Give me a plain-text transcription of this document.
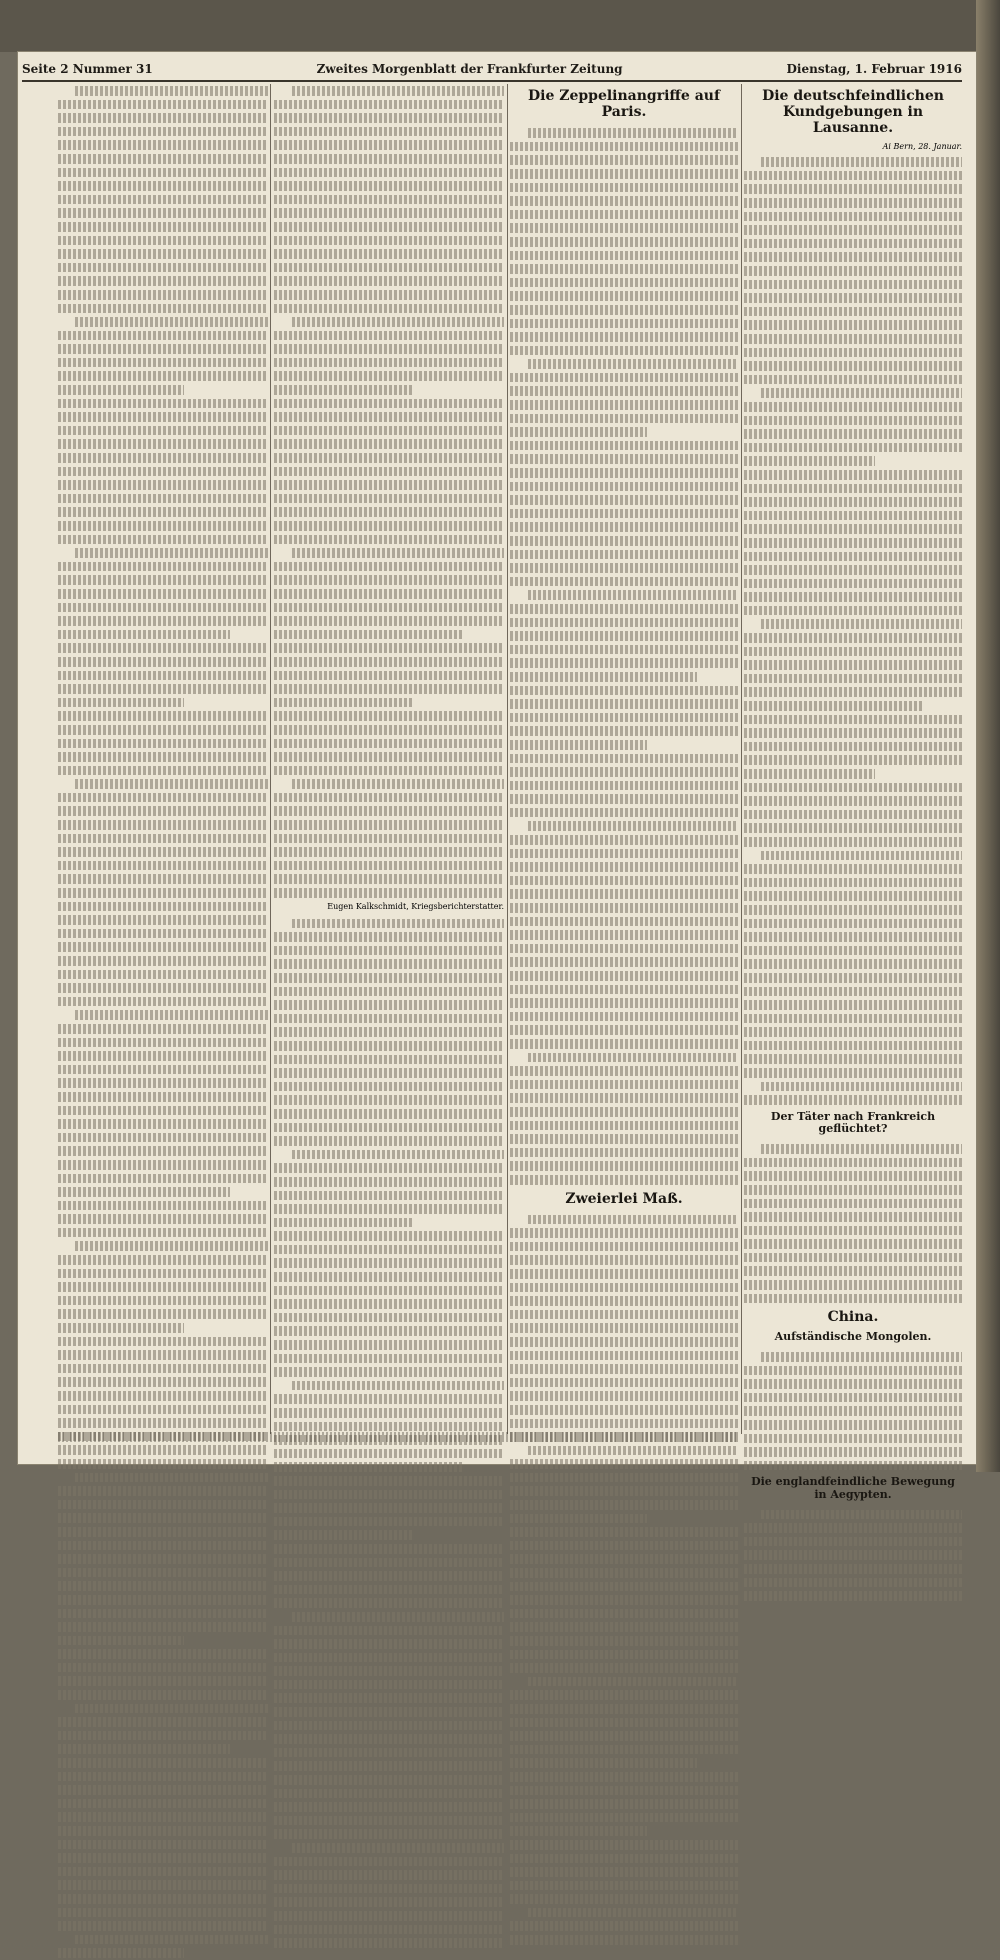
Seite 2 Nummer 31	Zweites Morgenblatt der Frankfurter Zeitung	Dienstag, 1. Februar 1916
Eugen Kalkschmidt, Kriegsberichterstatter.
Die Zeppelinangriffe auf Paris.
Zweierlei Maß.
Die deutschfeindlichen Kundgebungen in Lausanne.
Ai Bern, 28. Januar.
Der Täter nach Frankreich geflüchtet?
China.
Aufständische Mongolen.
Die englandfeindliche Bewegung in Aegypten.
